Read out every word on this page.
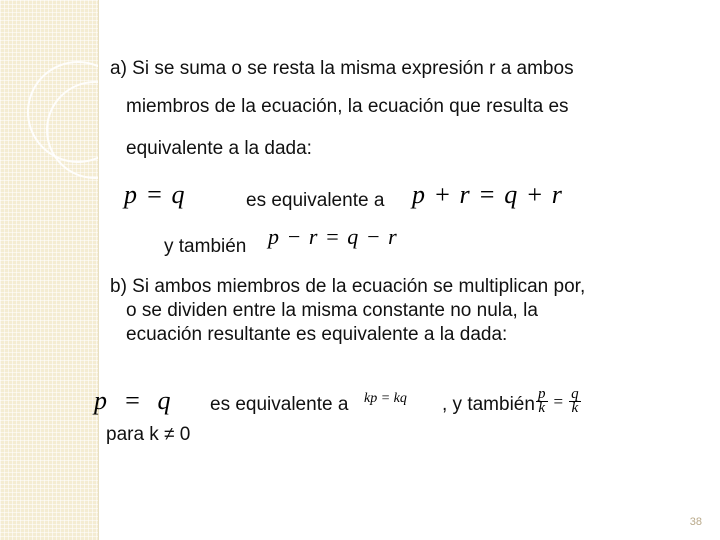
a) Si se suma o se resta la misma expresión r a ambos
miembros de la ecuación, la ecuación que resulta es
equivalente a la dada:
p = q	es equivalente a p + r = q + r
y también p − r = q − r
b) Si ambos miembros de la ecuación se multiplican por,
o se dividen entre la misma constante no nula, la
ecuación resultante es equivalente a la dada:
p = q es equivalente a kp = kq , y también $\frac{p}{k} = \frac{q}{k}$
para k ≠ 0
38
